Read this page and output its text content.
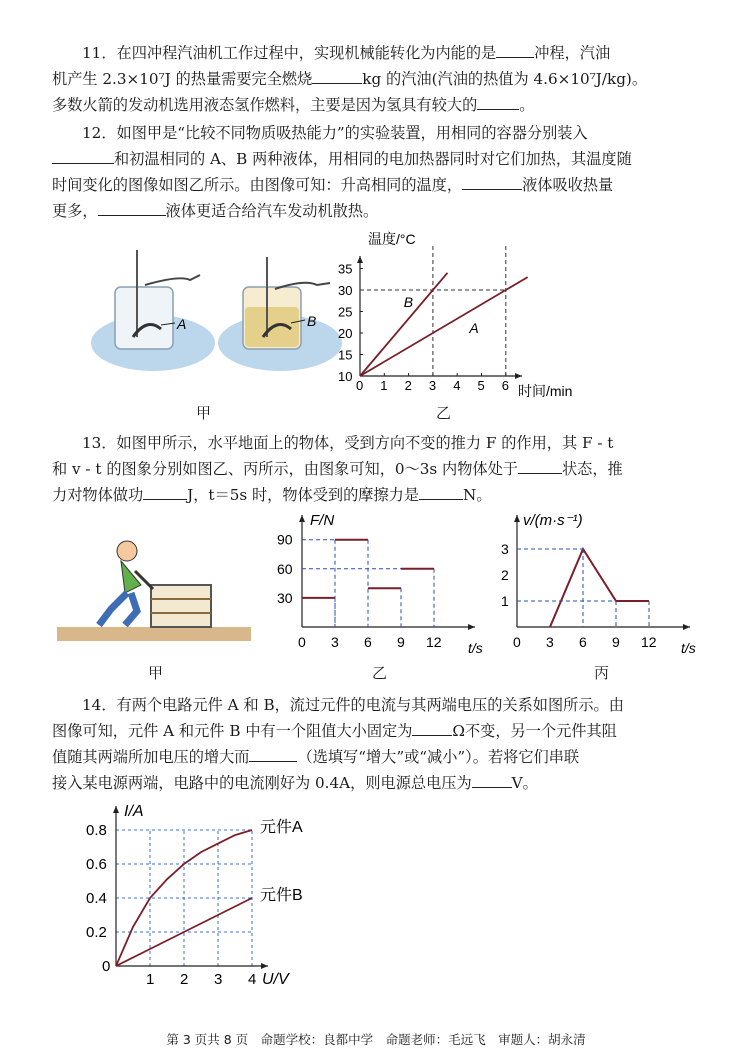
11．在四冲程汽油机工作过程中，实现机械能转化为内能的是	冲程，汽油
机产生 2.3×10⁷J 的热量需要完全燃烧	kg 的汽油(汽油的热值为 4.6×10⁷J/kg)。
多数火箭的发动机选用液态氢作燃料，主要是因为氢具有较大的	。
12．如图甲是“比较不同物质吸热能力”的实验装置，用相同的容器分别装入
和初温相同的 A、B 两种液体，用相同的电加热器同时对它们加热，其温度随
时间变化的图像如图乙所示。由图像可知：升高相同的温度，	液体吸收热量
更多，	液体更适合给汽车发动机散热。
A	B
0 1 2 3 4 5 6
10
15
20
25
30
35
B
A
温度/°C
时间/min
甲	乙
13．如图甲所示，水平地面上的物体，受到方向不变的推力 F 的作用，其 F - t
和 v - t 的图象分别如图乙、丙所示，由图象可知，0～3s 内物体处于	状态，推
力对物体做功	J，t＝5s 时，物体受到的摩擦力是	N。
0 3 6 9 12
30
60
90
F/N
t/s 0 3 6 9 12
1
2
3
v/(m·s⁻¹)
t/s
甲	乙	丙
14．有两个电路元件 A 和 B，流过元件的电流与其两端电压的关系如图所示。由
图像可知，元件 A 和元件 B 中有一个阻值大小固定为	Ω不变，另一个元件其阻
值随其两端所加电压的增大而	（选填写“增大”或“减小”）。若将它们串联
接入某电源两端，电路中的电流刚好为 0.4A，则电源总电压为	V。
1 2 3 4
0
0.2
0.4
0.6
0.8	元件A
元件B
I/A
U/V
第 3 页共 8 页　命题学校：良都中学　命题老师：毛远飞　审题人：胡永清
